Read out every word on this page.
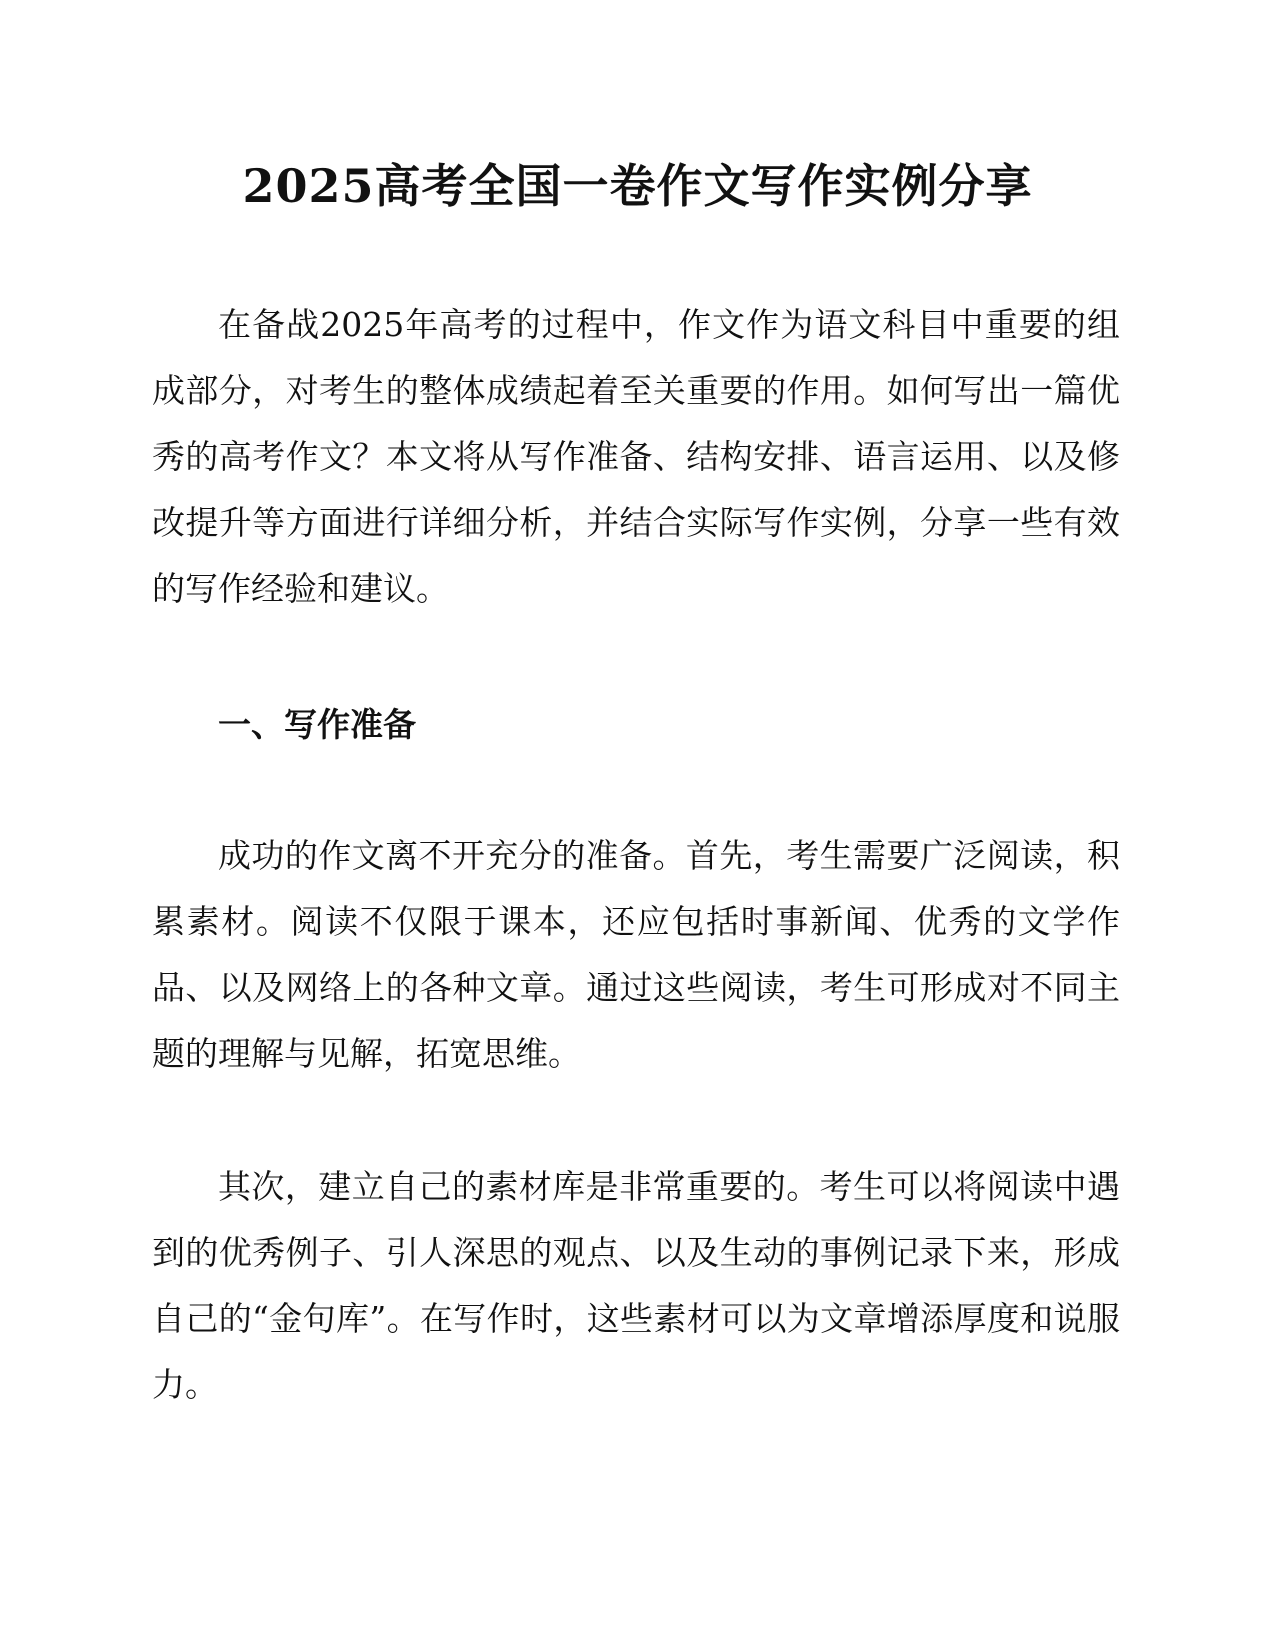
2025高考全国一卷作文写作实例分享

在备战2025年高考的过程中，作文作为语文科目中重要的组成部分，对考生的整体成绩起着至关重要的作用。如何写出一篇优秀的高考作文？本文将从写作准备、结构安排、语言运用、以及修改提升等方面进行详细分析，并结合实际写作实例，分享一些有效的写作经验和建议。

一、写作准备

成功的作文离不开充分的准备。首先，考生需要广泛阅读，积累素材。阅读不仅限于课本，还应包括时事新闻、优秀的文学作品、以及网络上的各种文章。通过这些阅读，考生可形成对不同主题的理解与见解，拓宽思维。

其次，建立自己的素材库是非常重要的。考生可以将阅读中遇到的优秀例子、引人深思的观点、以及生动的事例记录下来，形成自己的“金句库”。在写作时，这些素材可以为文章增添厚度和说服力。
